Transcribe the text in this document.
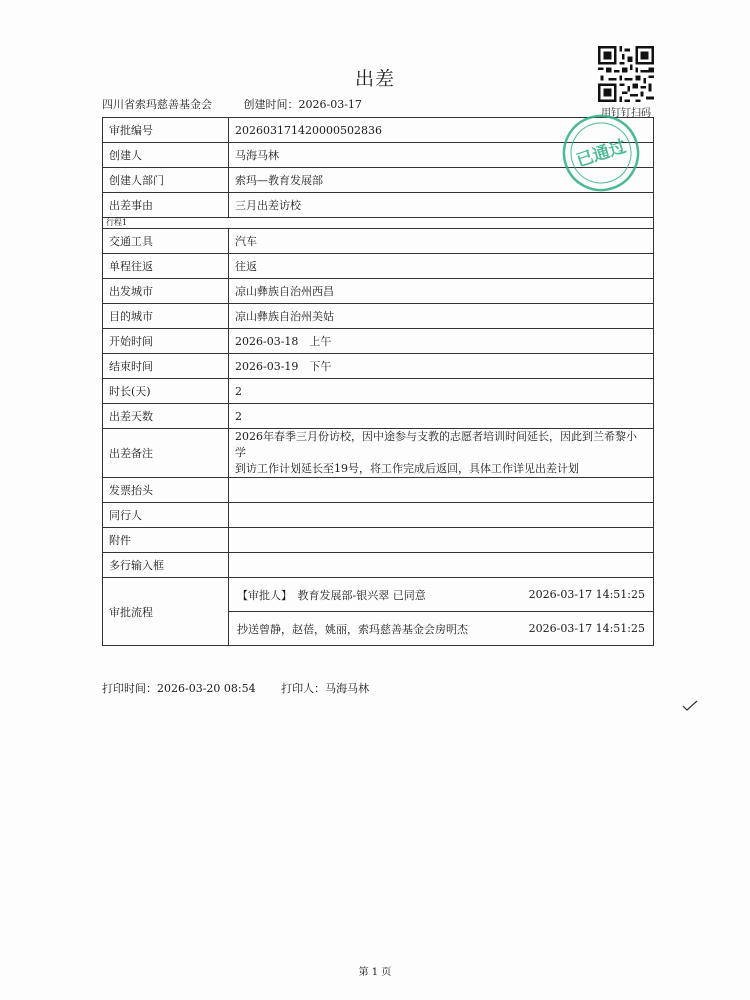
出差
四川省索玛慈善基金会	创建时间：2026-03-17
用钉钉扫码
审批编号	202603171420000502836
创建人	马海马林
创建人部门	索玛—教育发展部
出差事由	三月出差访校
行程1	
交通工具	汽车
单程往返	往返
出发城市	凉山彝族自治州西昌
目的城市	凉山彝族自治州美姑
开始时间	2026-03-18　上午
结束时间	2026-03-19　下午
时长(天)	2
出差天数	2
出差备注	2026年春季三月份访校，因中途参与支教的志愿者培训时间延长，因此到兰希黎小学
到访工作计划延长至19号，将工作完成后返回，具体工作详见出差计划

发票抬头	
同行人	
附件	
多行输入框	
审批流程	【审批人】　教育发展部-银兴翠 已同意 2026-03-17 14:51:25
抄送曾静，赵蓓，姚丽，索玛慈善基金会房明杰 2026-03-17 14:51:25
已通过
打印时间：2026-03-20 08:54 打印人：马海马林
第 1 页
